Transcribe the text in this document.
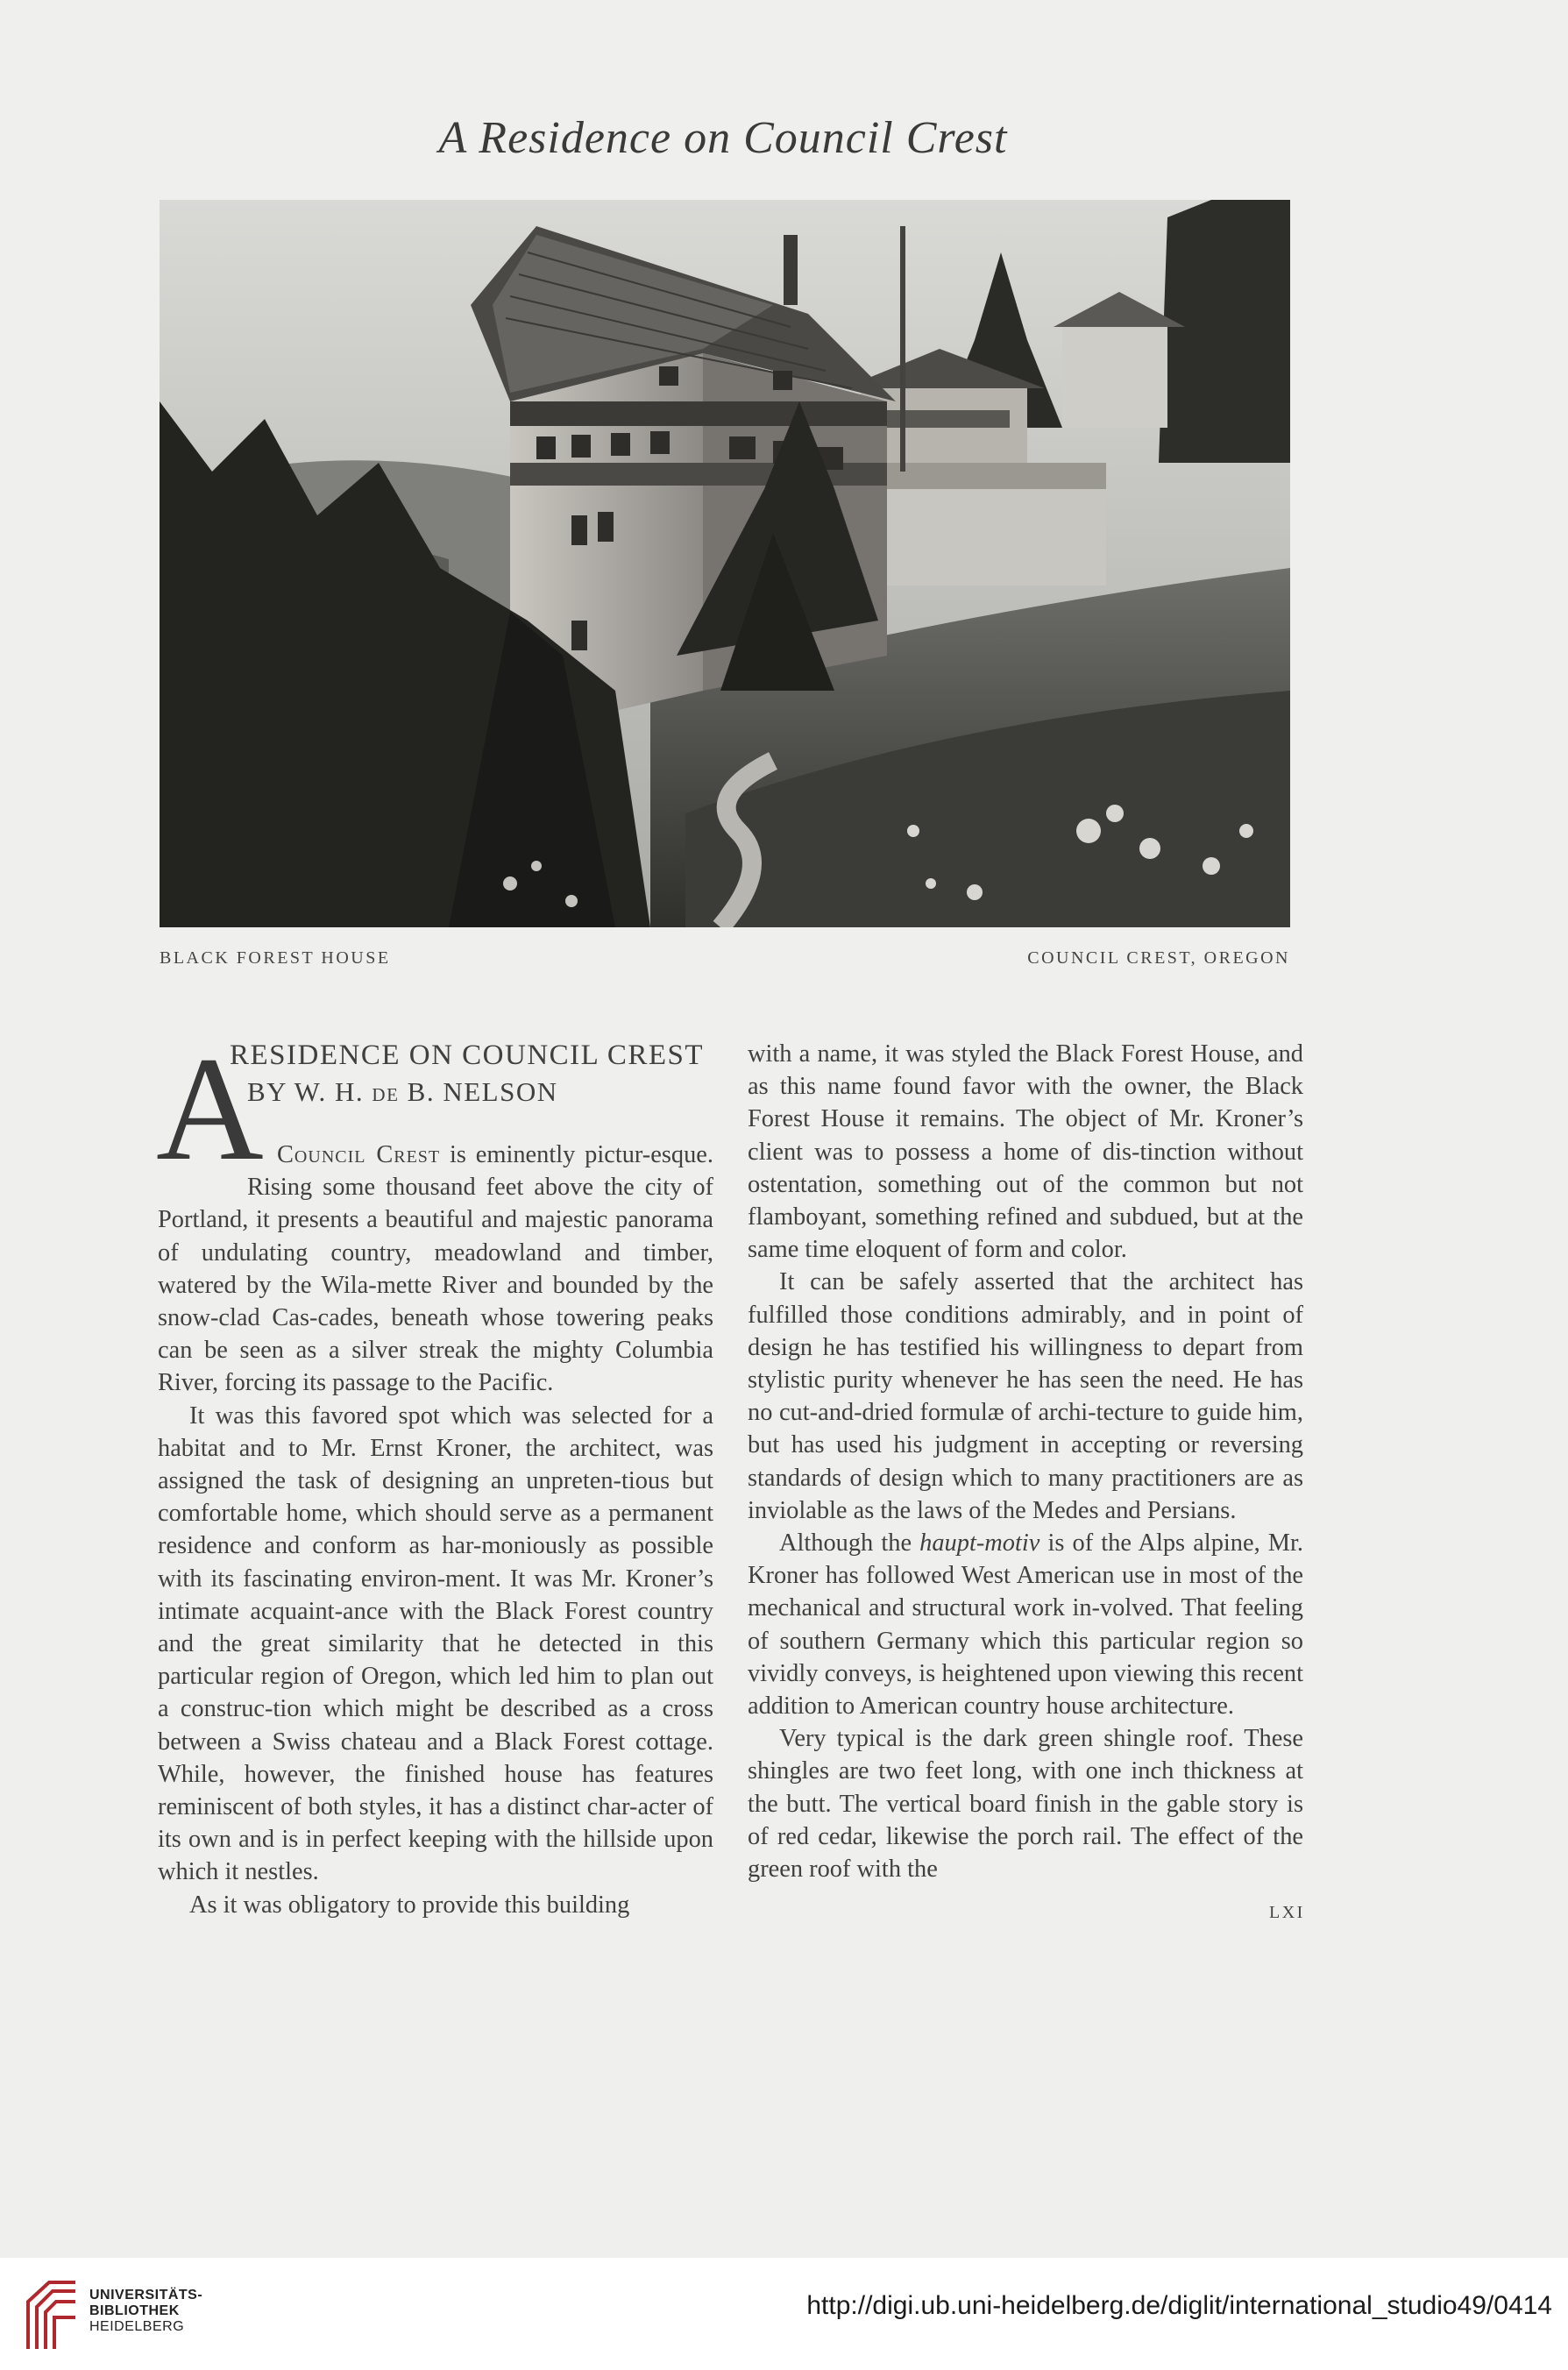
A Residence on Council Crest
BLACK FOREST HOUSE	COUNCIL CREST, OREGON
A
RESIDENCE ON COUNCIL CREST
BY W. H. DE B. NELSON

Council Crest is eminently pictur-esque. Rising some thousand feet above the city of Portland, it presents a beautiful and majestic panorama of undulating country, meadowland and timber, watered by the Wila-mette River and bounded by the snow-clad Cas-cades, beneath whose towering peaks can be seen as a silver streak the mighty Columbia River, forcing its passage to the Pacific.

It was this favored spot which was selected for a habitat and to Mr. Ernst Kroner, the architect, was assigned the task of designing an unpreten-tious but comfortable home, which should serve as a permanent residence and conform as har-moniously as possible with its fascinating environ-ment. It was Mr. Kroner’s intimate acquaint-ance with the Black Forest country and the great similarity that he detected in this particular region of Oregon, which led him to plan out a construc-tion which might be described as a cross between a Swiss chateau and a Black Forest cottage. While, however, the finished house has features reminiscent of both styles, it has a distinct char-acter of its own and is in perfect keeping with the hillside upon which it nestles.

As it was obligatory to provide this building

with a name, it was styled the Black Forest House, and as this name found favor with the owner, the Black Forest House it remains. The object of Mr. Kroner’s client was to possess a home of dis-tinction without ostentation, something out of the common but not flamboyant, something refined and subdued, but at the same time eloquent of form and color.

It can be safely asserted that the architect has fulfilled those conditions admirably, and in point of design he has testified his willingness to depart from stylistic purity whenever he has seen the need. He has no cut-and-dried formulæ of archi-tecture to guide him, but has used his judgment in accepting or reversing standards of design which to many practitioners are as inviolable as the laws of the Medes and Persians.

Although the haupt-motiv is of the Alps alpine, Mr. Kroner has followed West American use in most of the mechanical and structural work in-volved. That feeling of southern Germany which this particular region so vividly conveys, is heightened upon viewing this recent addition to American country house architecture.

Very typical is the dark green shingle roof. These shingles are two feet long, with one inch thickness at the butt. The vertical board finish in the gable story is of red cedar, likewise the porch rail. The effect of the green roof with the

LXI
UNIVERSITÄTS-
BIBLIOTHEK
HEIDELBERG
http://digi.ub.uni-heidelberg.de/diglit/international_studio49/0414
